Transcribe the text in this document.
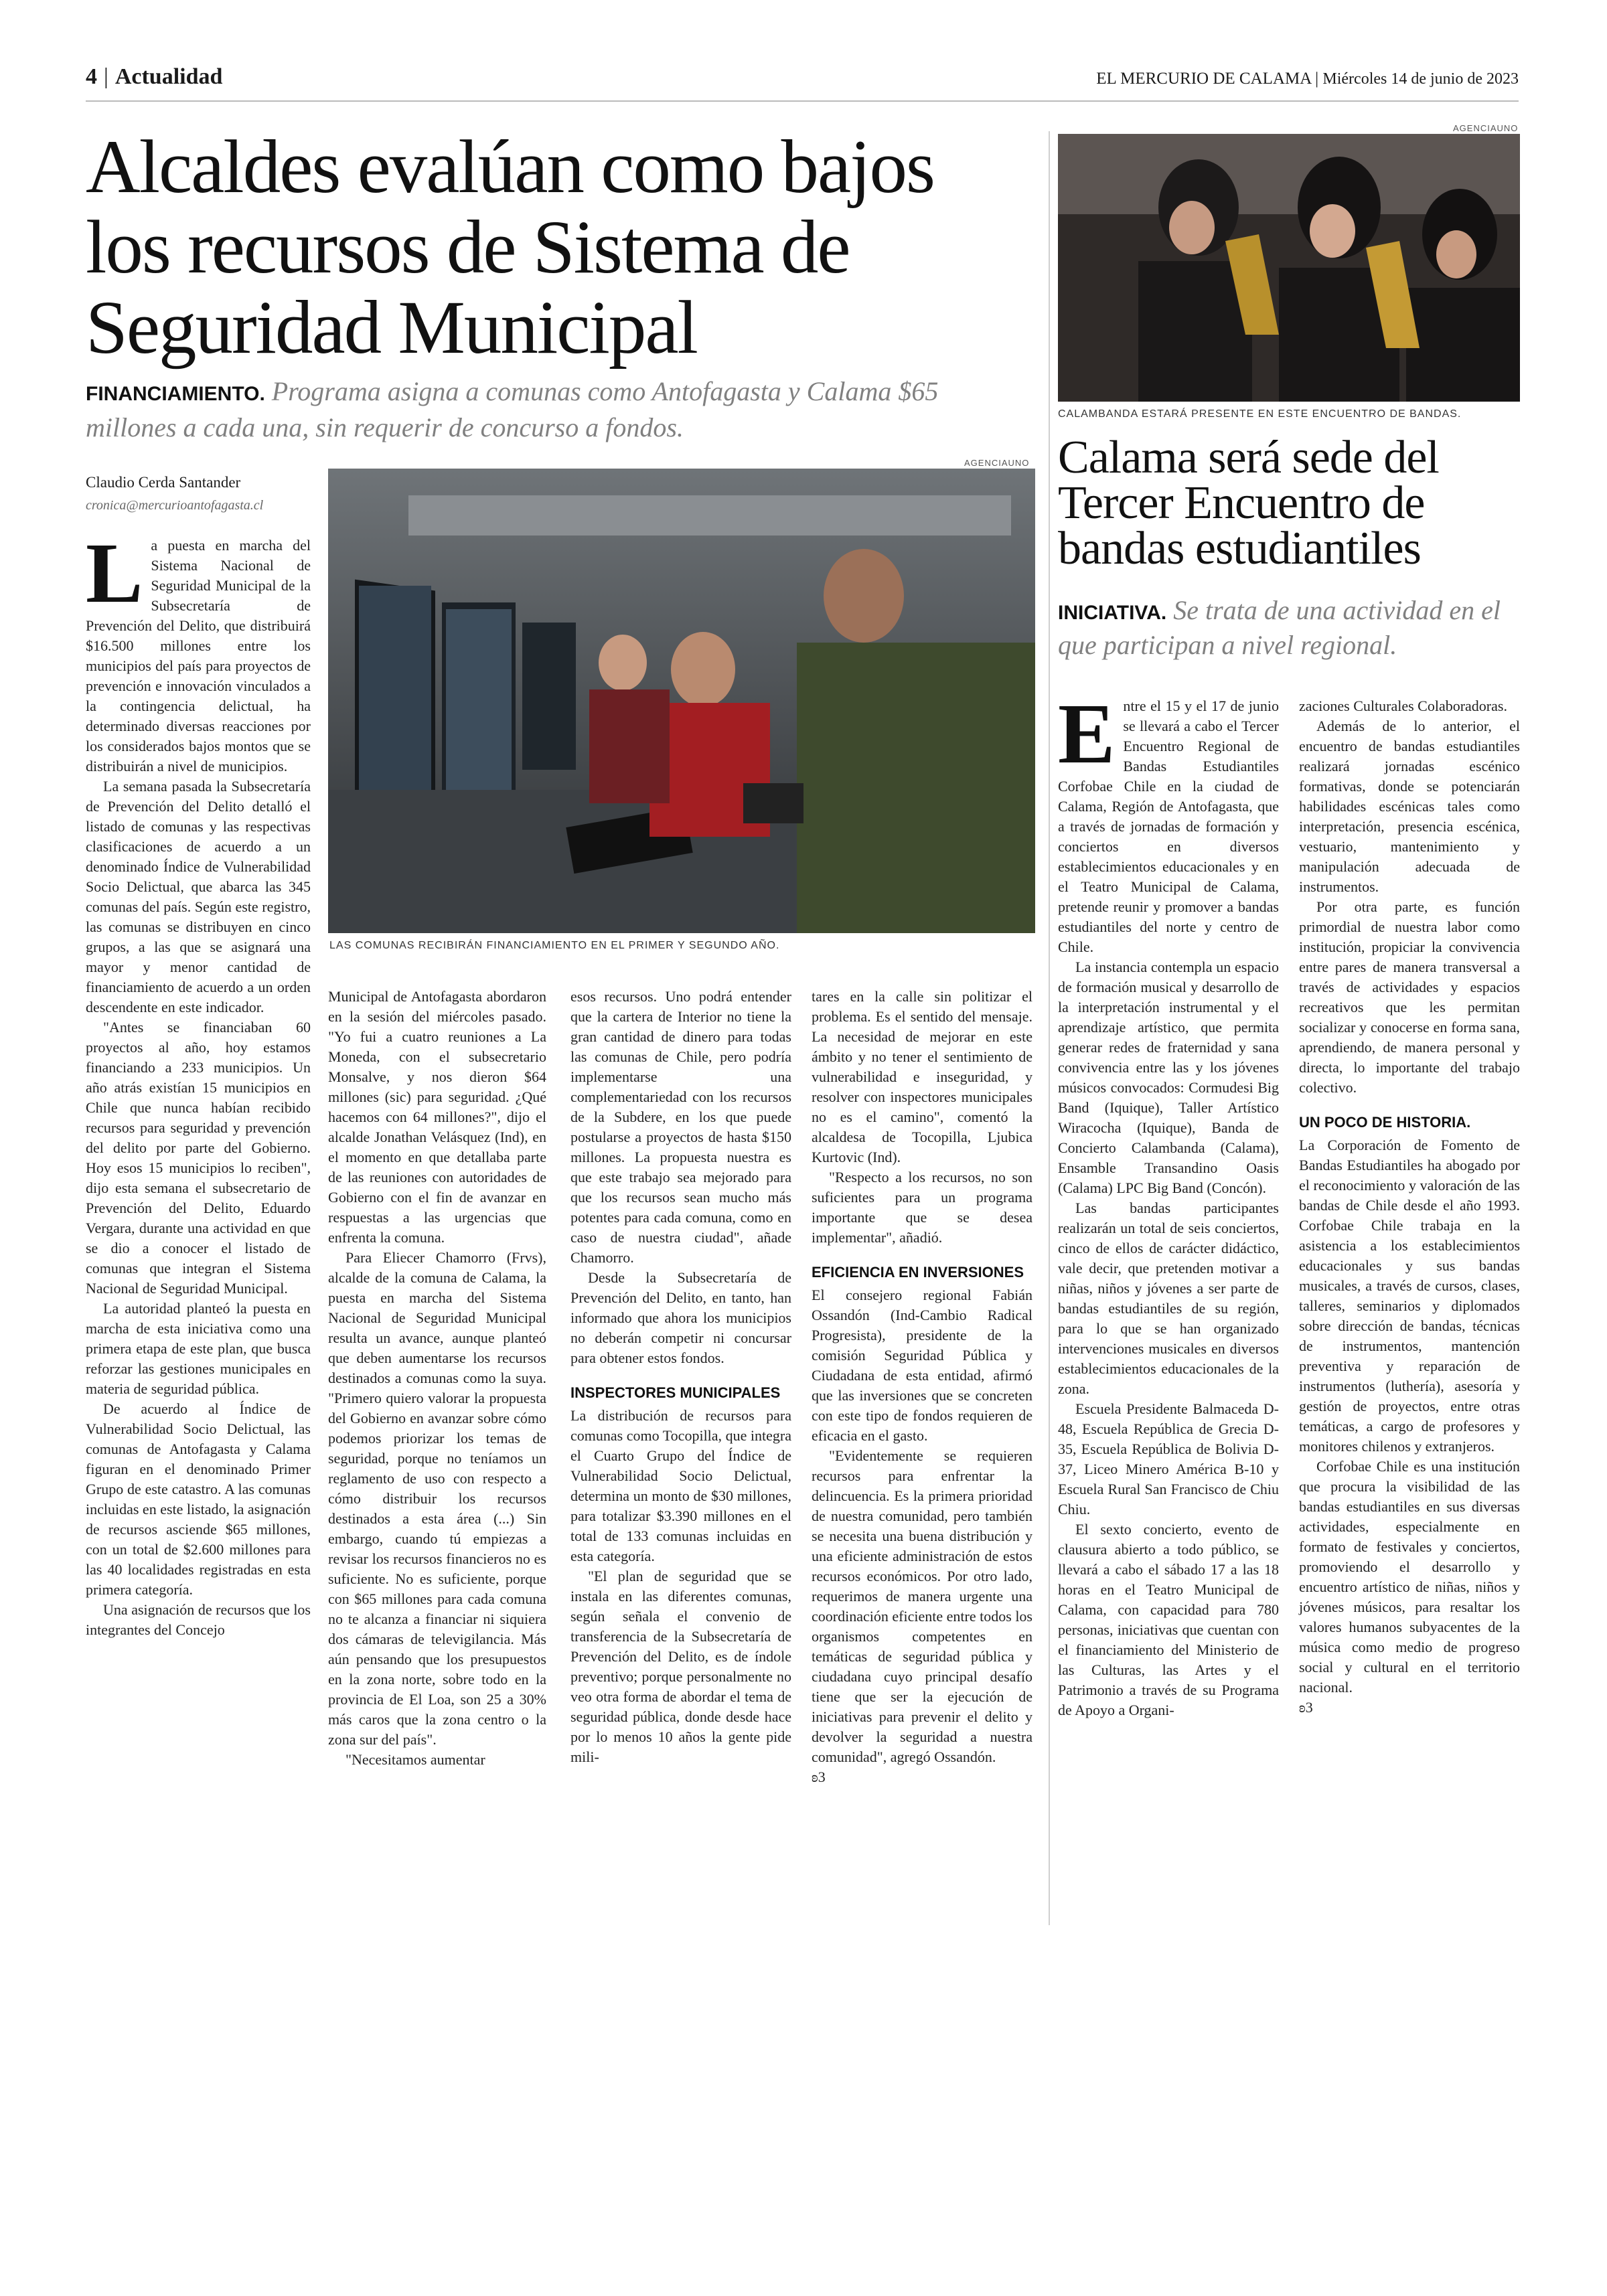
4 | Actualidad	EL MERCURIO DE CALAMA | Miércoles 14 de junio de 2023
Alcaldes evalúan como bajos los recursos de Sistema de Seguridad Municipal
FINANCIAMIENTO. Programa asigna a comunas como Antofagasta y Calama $65 millones a cada una, sin requerir de concurso a fondos.
Claudio Cerda Santander
cronica@mercurioantofagasta.cl
AGENCIAUNO
LAS COMUNAS RECIBIRÁN FINANCIAMIENTO EN EL PRIMER Y SEGUNDO AÑO.
L a puesta en marcha del Sistema Nacional de Seguridad Municipal de la Subsecretaría de Prevención del Delito, que distribuirá $16.500 millones entre los municipios del país para proyectos de prevención e innovación vinculados a la contingencia delictual, ha determinado diversas reacciones por los considerados bajos montos que se distribuirán a nivel de municipios.

La semana pasada la Subsecretaría de Prevención del Delito detalló el listado de comunas y las respectivas clasificaciones de acuerdo a un denominado Índice de Vulnerabilidad Socio Delictual, que abarca las 345 comunas del país. Según este registro, las comunas se distribuyen en cinco grupos, a las que se asignará una mayor y menor cantidad de financiamiento de acuerdo a un orden descendente en este indicador.

"Antes se financiaban 60 proyectos al año, hoy estamos financiando a 233 municipios. Un año atrás existían 15 municipios en Chile que nunca habían recibido recursos para seguridad y prevención del delito por parte del Gobierno. Hoy esos 15 municipios lo reciben", dijo esta semana el subsecretario de Prevención del Delito, Eduardo Vergara, durante una actividad en que se dio a conocer el listado de comunas que integran el Sistema Nacional de Seguridad Municipal.

La autoridad planteó la puesta en marcha de esta iniciativa como una primera etapa de este plan, que busca reforzar las gestiones municipales en materia de seguridad pública.

De acuerdo al Índice de Vulnerabilidad Socio Delictual, las comunas de Antofagasta y Calama figuran en el denominado Primer Grupo de este catastro. A las comunas incluidas en este listado, la asignación de recursos asciende $65 millones, con un total de $2.600 millones para las 40 localidades registradas en esta primera categoría.

Una asignación de recursos que los integrantes del Concejo

Municipal de Antofagasta abordaron en la sesión del miércoles pasado. "Yo fui a cuatro reuniones a La Moneda, con el subsecretario Monsalve, y nos dieron $64 millones (sic) para seguridad. ¿Qué hacemos con 64 millones?", dijo el alcalde Jonathan Velásquez (Ind), en el momento en que detallaba parte de las reuniones con autoridades de Gobierno con el fin de avanzar en respuestas a las urgencias que enfrenta la comuna.

Para Eliecer Chamorro (Frvs), alcalde de la comuna de Calama, la puesta en marcha del Sistema Nacional de Seguridad Municipal resulta un avance, aunque planteó que deben aumentarse los recursos destinados a comunas como la suya. "Primero quiero valorar la propuesta del Gobierno en avanzar sobre cómo podemos priorizar los temas de seguridad, porque no teníamos un reglamento de uso con respecto a cómo distribuir los recursos destinados a esta área (...) Sin embargo, cuando tú empiezas a revisar los recursos financieros no es suficiente. No es suficiente, porque con $65 millones para cada comuna no te alcanza a financiar ni siquiera dos cámaras de televigilancia. Más aún pensando que los presupuestos en la zona norte, sobre todo en la provincia de El Loa, son 25 a 30% más caros que la zona centro o la zona sur del país".

"Necesitamos aumentar

esos recursos. Uno podrá entender que la cartera de Interior no tiene la gran cantidad de dinero para todas las comunas de Chile, pero podría implementarse una complementariedad con los recursos de la Subdere, en los que puede postularse a proyectos de hasta $150 millones. La propuesta nuestra es que este trabajo sea mejorado para que los recursos sean mucho más potentes para cada comuna, como en caso de nuestra ciudad", añade Chamorro.

Desde la Subsecretaría de Prevención del Delito, en tanto, han informado que ahora los municipios no deberán competir ni concursar para obtener estos fondos.

INSPECTORES MUNICIPALES

La distribución de recursos para comunas como Tocopilla, que integra el Cuarto Grupo del Índice de Vulnerabilidad Socio Delictual, determina un monto de $30 millones, para totalizar $3.390 millones en el total de 133 comunas incluidas en esta categoría.

"El plan de seguridad que se instala en las diferentes comunas, según señala el convenio de transferencia de la Subsecretaría de Prevención del Delito, es de índole preventivo; porque personalmente no veo otra forma de abordar el tema de seguridad pública, donde desde hace por lo menos 10 años la gente pide mili-

tares en la calle sin politizar el problema. Es el sentido del mensaje. La necesidad de mejorar en este ámbito y no tener el sentimiento de vulnerabilidad e inseguridad, y resolver con inspectores municipales no es el camino", comentó la alcaldesa de Tocopilla, Ljubica Kurtovic (Ind).

"Respecto a los recursos, no son suficientes para un programa importante que se desea implementar", añadió.

EFICIENCIA EN INVERSIONES

El consejero regional Fabián Ossandón (Ind-Cambio Radical Progresista), presidente de la comisión Seguridad Pública y Ciudadana de esta entidad, afirmó que las inversiones que se concreten con este tipo de fondos requieren de eficacia en el gasto.

"Evidentemente se requieren recursos para enfrentar la delincuencia. Es la primera prioridad de nuestra comunidad, pero también se necesita una buena distribución y una eficiente administración de estos recursos económicos. Por otro lado, requerimos de manera urgente una coordinación eficiente entre todos los organismos competentes en temáticas de seguridad pública y ciudadana cuyo principal desafío tiene que ser la ejecución de iniciativas para prevenir el delito y devolver la seguridad a nuestra comunidad", agregó Ossandón.

ʚ3
AGENCIAUNO
CALAMBANDA ESTARÁ PRESENTE EN ESTE ENCUENTRO DE BANDAS.
Calama será sede del Tercer Encuentro de bandas estudiantiles
INICIATIVA. Se trata de una actividad en el que participan a nivel regional.
E ntre el 15 y el 17 de junio se llevará a cabo el Tercer Encuentro Regional de Bandas Estudiantiles Corfobae Chile en la ciudad de Calama, Región de Antofagasta, que a través de jornadas de formación y conciertos en diversos establecimientos educacionales y en el Teatro Municipal de Calama, pretende reunir y promover a bandas estudiantiles del norte y centro de Chile.

La instancia contempla un espacio de formación musical y desarrollo de la interpretación instrumental y el aprendizaje artístico, que permita generar redes de fraternidad y sana convivencia entre las y los jóvenes músicos convocados: Cormudesi Big Band (Iquique), Taller Artístico Wiracocha (Iquique), Banda de Concierto Calambanda (Calama), Ensamble Transandino Oasis (Calama) LPC Big Band (Concón).

Las bandas participantes realizarán un total de seis conciertos, cinco de ellos de carácter didáctico, vale decir, que pretenden motivar a niñas, niños y jóvenes a ser parte de bandas estudiantiles de su región, para lo que se han organizado intervenciones musicales en diversos establecimientos educacionales de la zona.

Escuela Presidente Balmaceda D-48, Escuela República de Grecia D-35, Escuela República de Bolivia D-37, Liceo Minero América B-10 y Escuela Rural San Francisco de Chiu Chiu.

El sexto concierto, evento de clausura abierto a todo público, se llevará a cabo el sábado 17 a las 18 horas en el Teatro Municipal de Calama, con capacidad para 780 personas, iniciativas que cuentan con el financiamiento del Ministerio de las Culturas, las Artes y el Patrimonio a través de su Programa de Apoyo a Organi-

zaciones Culturales Colaboradoras.

Además de lo anterior, el encuentro de bandas estudiantiles realizará jornadas escénico formativas, donde se potenciarán habilidades escénicas tales como interpretación, presencia escénica, vestuario, mantenimiento y manipulación adecuada de instrumentos.

Por otra parte, es función primordial de nuestra labor como institución, propiciar la convivencia entre pares de manera transversal a través de actividades y espacios recreativos que les permitan socializar y conocerse en forma sana, aprendiendo, de manera personal y directa, lo importante del trabajo colectivo.

UN POCO DE HISTORIA.

La Corporación de Fomento de Bandas Estudiantiles ha abogado por el reconocimiento y valoración de las bandas de Chile desde el año 1993. Corfobae Chile trabaja en la asistencia a los establecimientos educacionales y sus bandas musicales, a través de cursos, clases, talleres, seminarios y diplomados sobre dirección de bandas, técnicas de instrumentos, mantención preventiva y reparación de instrumentos (luthería), asesoría y gestión de proyectos, entre otras temáticas, a cargo de profesores y monitores chilenos y extranjeros.

Corfobae Chile es una institución que procura la visibilidad de las bandas estudiantiles en sus diversas actividades, especialmente en formato de festivales y conciertos, promoviendo el desarrollo y encuentro artístico de niñas, niños y jóvenes músicos, para resaltar los valores humanos subyacentes de la música como medio de progreso social y cultural en el territorio nacional.

ʚ3
